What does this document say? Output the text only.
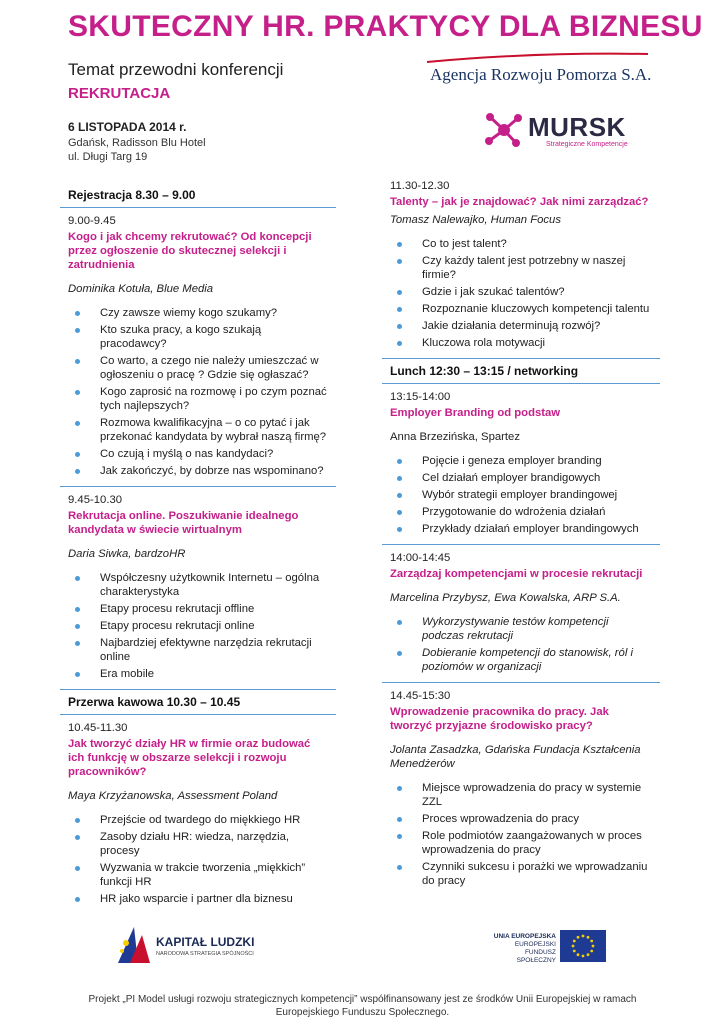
SKUTECZNY HR. PRAKTYCY DLA BIZNESU
Temat przewodni konferencji
REKRUTACJA
6 LISTOPADA 2014 r.
Gdańsk, Radisson Blu Hotel
ul. Długi Targ 19
Agencja Rozwoju Pomorza S.A.
MURSK
Strategiczne Kompetencje
Rejestracja 8.30 – 9.00
9.00-9.45
Kogo i jak chcemy rekrutować? Od koncepcji przez ogłoszenie do skutecznej selekcji i zatrudnienia
Dominika Kotuła, Blue Media
Czy zawsze wiemy kogo szukamy?
Kto szuka pracy, a kogo szukają pracodawcy?
Co warto, a czego nie należy umieszczać w ogłoszeniu o pracę ? Gdzie się ogłaszać?
Kogo zaprosić na rozmowę i po czym poznać tych najlepszych?
Rozmowa kwalifikacyjna – o co pytać i jak przekonać kandydata by wybrał naszą firmę?
Co czują i myślą o nas kandydaci?
Jak zakończyć, by dobrze nas wspominano?
9.45-10.30
Rekrutacja online. Poszukiwanie idealnego kandydata w świecie wirtualnym
Daria Siwka, bardzoHR
Współczesny użytkownik Internetu – ogólna charakterystyka
Etapy procesu rekrutacji offline
Etapy procesu rekrutacji online
Najbardziej efektywne narzędzia rekrutacji online
Era mobile
Przerwa kawowa 10.30 – 10.45
10.45-11.30
Jak tworzyć działy HR w firmie oraz budować ich funkcję w obszarze selekcji i rozwoju pracowników?
Maya Krzyżanowska, Assessment Poland
Przejście od twardego do miękkiego HR
Zasoby działu HR: wiedza, narzędzia, procesy
Wyzwania w trakcie tworzenia „miękkich” funkcji HR
HR jako wsparcie i partner dla biznesu
11.30-12.30
Talenty – jak je znajdować? Jak nimi zarządzać?
Tomasz Nalewajko, Human Focus
Co to jest talent?
Czy każdy talent jest potrzebny w naszej firmie?
Gdzie i jak szukać talentów?
Rozpoznanie kluczowych kompetencji talentu
Jakie działania determinują rozwój?
Kluczowa rola motywacji
Lunch 12:30 – 13:15 / networking
13:15-14:00
Employer Branding od podstaw
Anna Brzezińska, Spartez
Pojęcie i geneza employer branding
Cel działań employer brandigowych
Wybór strategii employer brandingowej
Przygotowanie do wdrożenia działań
Przykłady działań employer brandingowych
14:00-14:45
Zarządzaj kompetencjami w procesie rekrutacji
Marcelina Przybysz, Ewa Kowalska, ARP S.A.
Wykorzystywanie testów kompetencji podczas rekrutacji
Dobieranie kompetencji do stanowisk, ról i poziomów w organizacji
14.45-15:30
Wprowadzenie pracownika do pracy. Jak tworzyć przyjazne środowisko pracy?
Jolanta Zasadzka, Gdańska Fundacja Kształcenia Menedżerów
Miejsce wprowadzenia do pracy w systemie ZZL
Proces wprowadzenia do pracy
Role podmiotów zaangażowanych w proces wprowadzenia do pracy
Czynniki sukcesu i porażki we wprowadzaniu do pracy
KAPITAŁ LUDZKI
NARODOWA STRATEGIA SPÓJNOŚCI
UNIA EUROPEJSKA
EUROPEJSKI
FUNDUSZ SPOŁECZNY
Projekt „PI Model usługi rozwoju strategicznych kompetencji” współfinansowany jest ze środków Unii Europejskiej w ramach Europejskiego Funduszu Społecznego.
